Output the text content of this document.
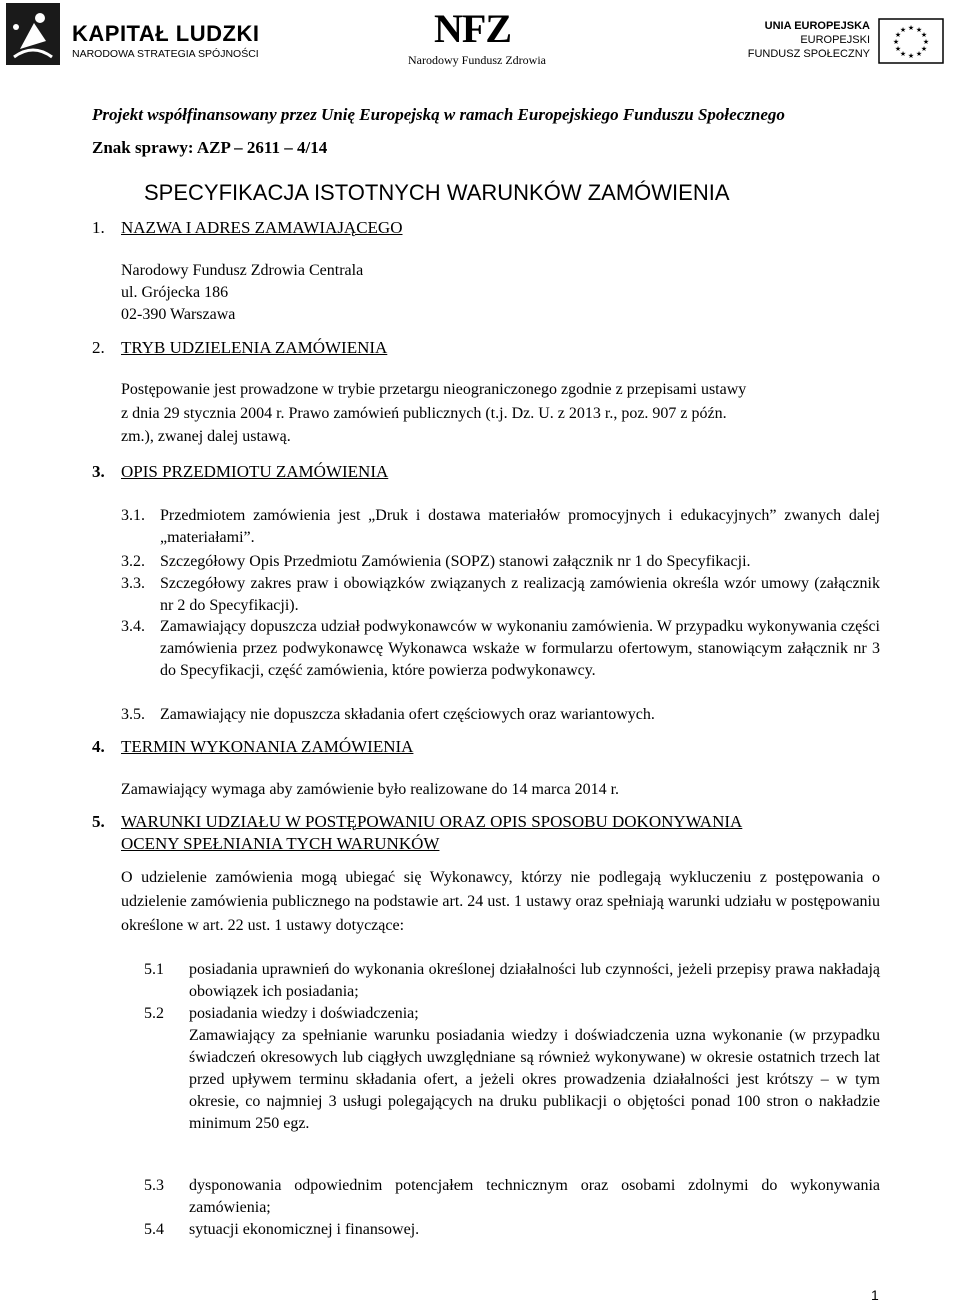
KAPITAŁ LUDZKI
NARODOWA STRATEGIA SPÓJNOŚCI
NFZ
Narodowy Fundusz Zdrowia
UNIA EUROPEJSKA
EUROPEJSKI
FUNDUSZ SPOŁECZNY
★ ★
★
★
★
★
★
★
★
★
★
★
Projekt współfinansowany przez Unię Europejską w ramach Europejskiego Funduszu Społecznego
Znak sprawy: AZP – 2611 – 4/14
SPECYFIKACJA ISTOTNYCH WARUNKÓW ZAMÓWIENIA
1. NAZWA I ADRES ZAMAWIAJĄCEGO
Narodowy Fundusz Zdrowia Centrala
ul. Grójecka 186
02-390 Warszawa
2. TRYB UDZIELENIA ZAMÓWIENIA
Postępowanie jest prowadzone w trybie przetargu nieograniczonego zgodnie z przepisami ustawy
z dnia 29 stycznia 2004 r. Prawo zamówień publicznych (t.j. Dz. U. z 2013 r., poz. 907 z późn.
zm.), zwanej dalej ustawą.
3. OPIS PRZEDMIOTU ZAMÓWIENIA
3.1. Przedmiotem zamówienia jest „Druk i dostawa materiałów promocyjnych i edukacyjnych” zwanych dalej „materiałami”.
3.2. Szczegółowy Opis Przedmiotu Zamówienia (SOPZ) stanowi załącznik nr 1 do Specyfikacji.
3.3. Szczegółowy zakres praw i obowiązków związanych z realizacją zamówienia określa wzór umowy (załącznik nr 2 do Specyfikacji).
3.4. Zamawiający dopuszcza udział podwykonawców w wykonaniu zamówienia. W przypadku wykonywania części zamówienia przez podwykonawcę Wykonawca wskaże w formularzu ofertowym, stanowiącym załącznik nr 3 do Specyfikacji, część zamówienia, które powierza podwykonawcy.
3.5. Zamawiający nie dopuszcza składania ofert częściowych oraz wariantowych.
4. TERMIN WYKONANIA ZAMÓWIENIA
Zamawiający wymaga aby zamówienie było realizowane do 14 marca 2014 r.
5. WARUNKI UDZIAŁU W POSTĘPOWANIU ORAZ OPIS SPOSOBU DOKONYWANIA
OCENY SPEŁNIANIA TYCH WARUNKÓW
O udzielenie zamówienia mogą ubiegać się Wykonawcy, którzy nie podlegają wykluczeniu z postępowania o udzielenie zamówienia publicznego na podstawie art. 24 ust. 1 ustawy oraz spełniają warunki udziału w postępowaniu określone w art. 22 ust. 1 ustawy dotyczące:
5.1 posiadania uprawnień do wykonania określonej działalności lub czynności, jeżeli przepisy prawa nakładają obowiązek ich posiadania;
5.2 posiadania wiedzy i doświadczenia;
Zamawiający za spełnianie warunku posiadania wiedzy i doświadczenia uzna wykonanie (w przypadku świadczeń okresowych lub ciągłych uwzględniane są również wykonywane) w okresie ostatnich trzech lat przed upływem terminu składania ofert, a jeżeli okres prowadzenia działalności jest krótszy – w tym okresie, co najmniej 3 usługi polegających na druku publikacji o objętości ponad 100 stron o nakładzie minimum 250 egz.
5.3 dysponowania odpowiednim potencjałem technicznym oraz osobami zdolnymi do wykonywania zamówienia;
5.4 sytuacji ekonomicznej i finansowej.
1
